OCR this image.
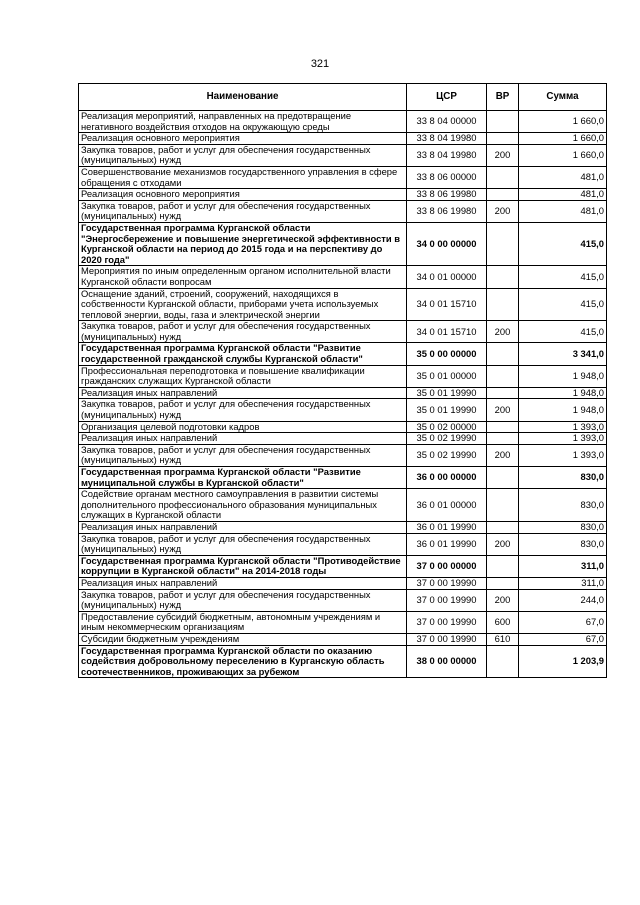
321
Наименование	ЦСР	ВР	Сумма
Реализация мероприятий, направленных на предотвращение негативного воздействия отходов на окружающую среды	33 8 04 00000		1 660,0
Реализация основного мероприятия	33 8 04 19980		1 660,0
Закупка товаров, работ и услуг для обеспечения государственных (муниципальных) нужд	33 8 04 19980	200	1 660,0
Совершенствование механизмов государственного управления в сфере обращения с отходами	33 8 06 00000		481,0
Реализация основного мероприятия	33 8 06 19980		481,0
Закупка товаров, работ и услуг для обеспечения государственных (муниципальных) нужд	33 8 06 19980	200	481,0
Государственная программа Курганской области "Энергосбережение и повышение энергетической эффективности в Курганской области на период до 2015 года и на перспективу до 2020 года"	34 0 00 00000		415,0
Мероприятия по иным определенным органом исполнительной власти Курганской области вопросам	34 0 01 00000		415,0
Оснащение зданий, строений, сооружений, находящихся в собственности Курганской области, приборами учета используемых тепловой энергии, воды, газа и электрической энергии	34 0 01 15710		415,0
Закупка товаров, работ и услуг для обеспечения государственных (муниципальных) нужд	34 0 01 15710	200	415,0
Государственная программа Курганской области "Развитие государственной гражданской службы Курганской области"	35 0 00 00000		3 341,0
Профессиональная переподготовка и повышение квалификации гражданских служащих Курганской области	35 0 01 00000		1 948,0
Реализация иных направлений	35 0 01 19990		1 948,0
Закупка товаров, работ и услуг для обеспечения государственных (муниципальных) нужд	35 0 01 19990	200	1 948,0
Организация целевой подготовки кадров	35 0 02 00000		1 393,0
Реализация иных направлений	35 0 02 19990		1 393,0
Закупка товаров, работ и услуг для обеспечения государственных (муниципальных) нужд	35 0 02 19990	200	1 393,0
Государственная программа Курганской области "Развитие муниципальной службы в Курганской области"	36 0 00 00000		830,0
Содействие органам местного самоуправления в развитии системы дополнительного профессионального образования муниципальных служащих в Курганской области	36 0 01 00000		830,0
Реализация иных направлений	36 0 01 19990		830,0
Закупка товаров, работ и услуг для обеспечения государственных (муниципальных) нужд	36 0 01 19990	200	830,0
Государственная программа Курганской области "Противодействие коррупции в Курганской области" на 2014-2018 годы	37 0 00 00000		311,0
Реализация иных направлений	37 0 00 19990		311,0
Закупка товаров, работ и услуг для обеспечения государственных (муниципальных) нужд	37 0 00 19990	200	244,0
Предоставление субсидий бюджетным, автономным учреждениям и иным некоммерческим организациям	37 0 00 19990	600	67,0
Субсидии бюджетным учреждениям	37 0 00 19990	610	67,0
Государственная программа Курганской области по оказанию содействия добровольному переселению в Курганскую область соотечественников, проживающих за рубежом	38 0 00 00000		1 203,9
